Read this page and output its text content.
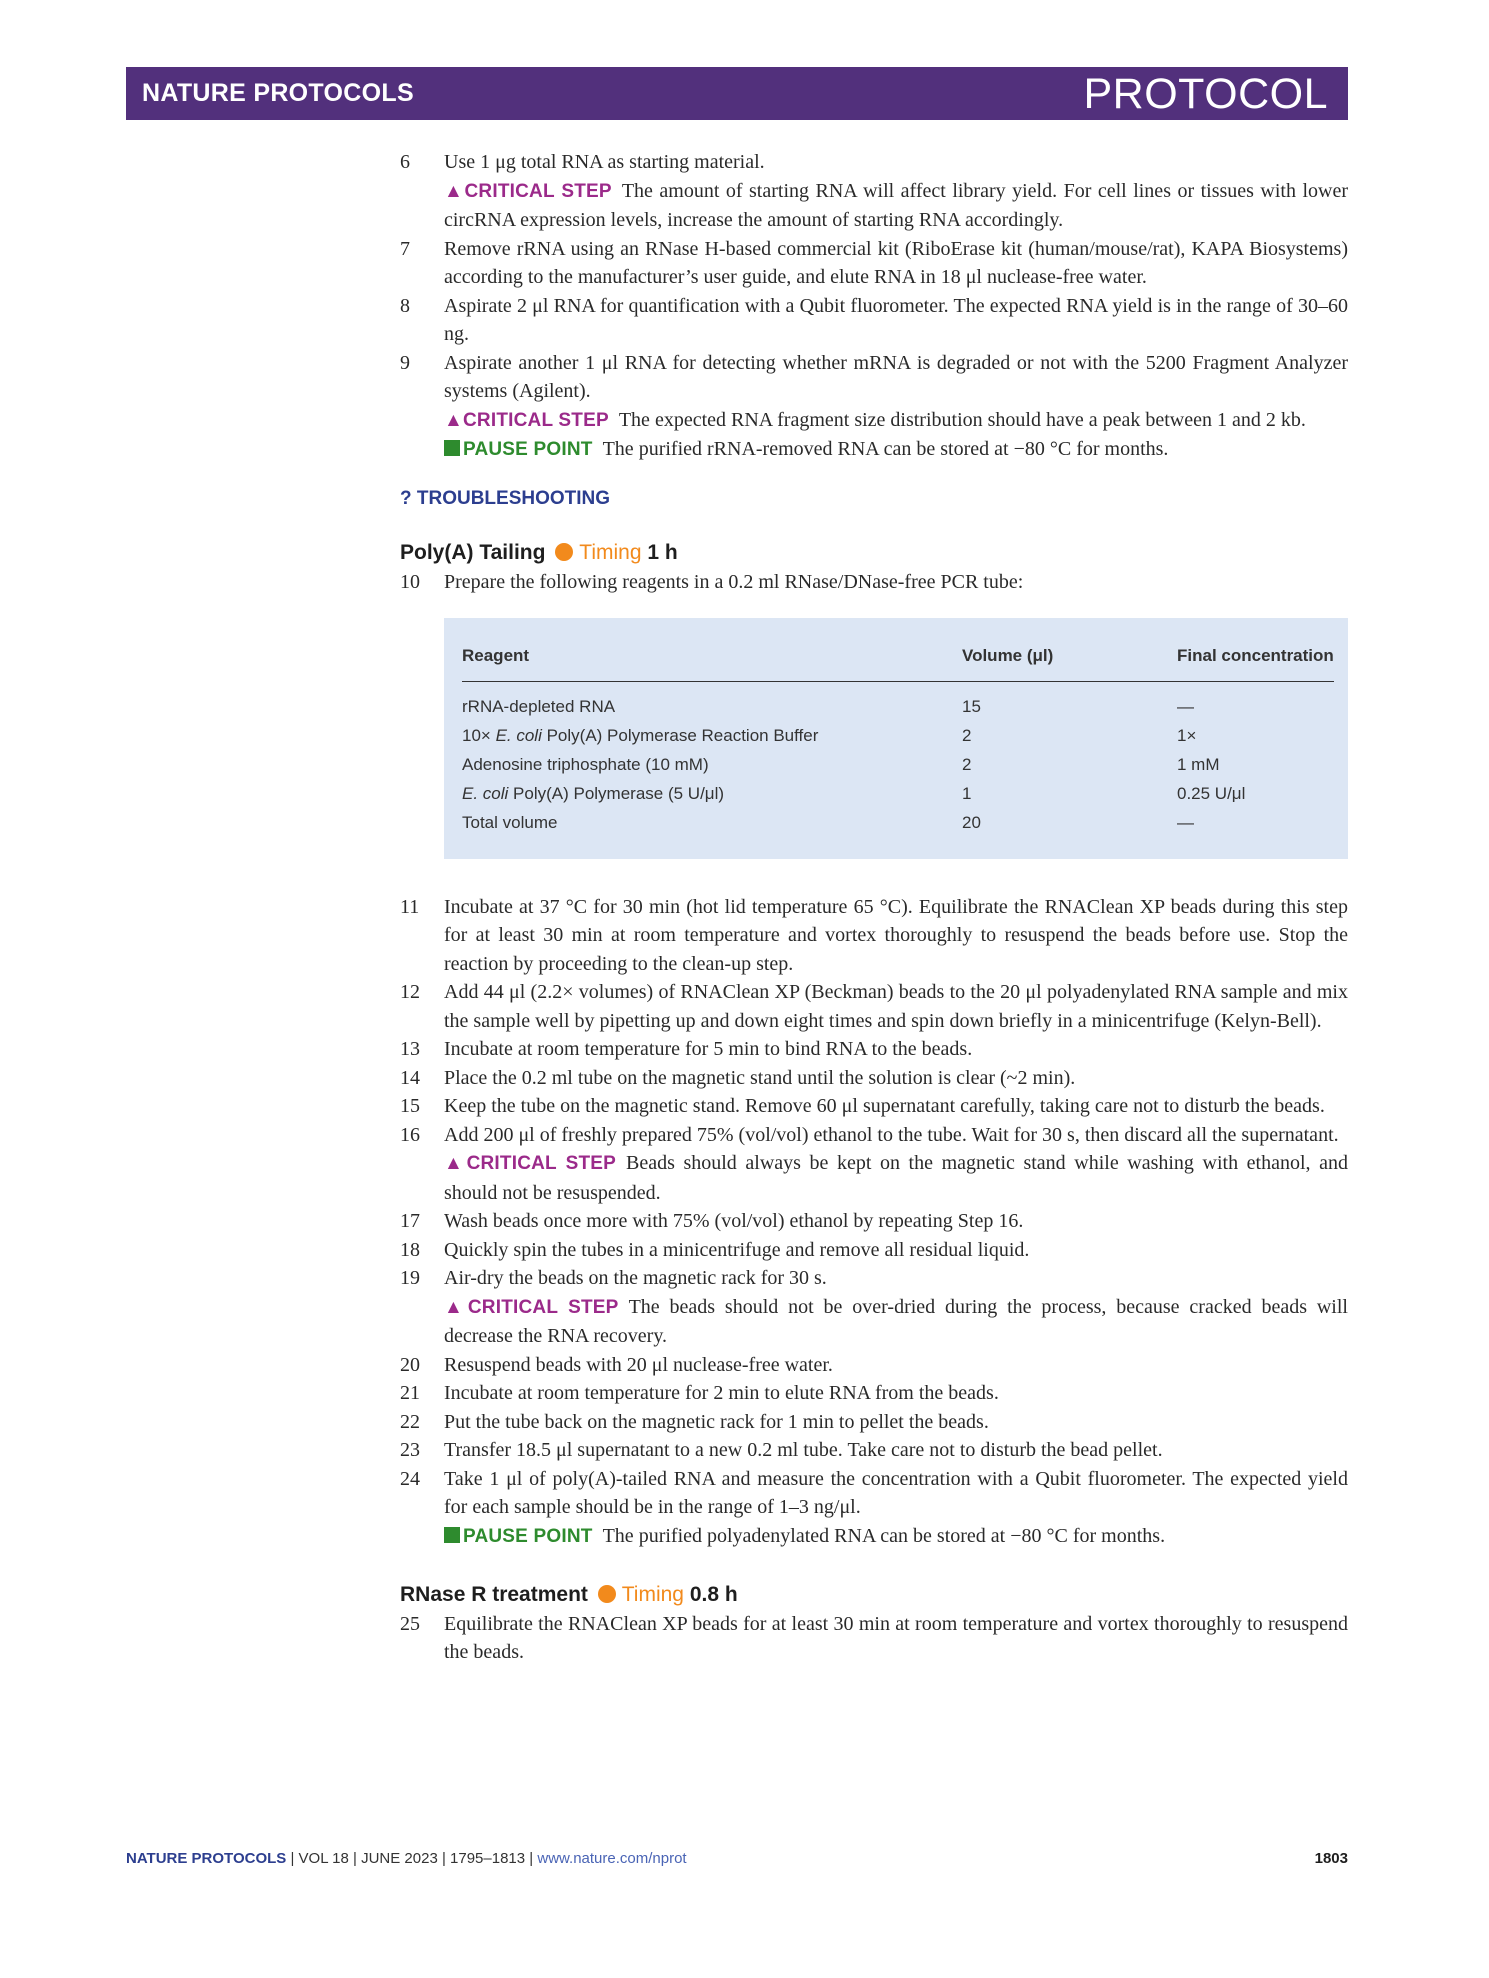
NATURE PROTOCOLS	PROTOCOL
6 Use 1 μg total RNA as starting material.
▲CRITICAL STEP The amount of starting RNA will affect library yield. For cell lines or tissues with lower circRNA expression levels, increase the amount of starting RNA accordingly.
7 Remove rRNA using an RNase H-based commercial kit (RiboErase kit (human/mouse/rat), KAPA Biosystems) according to the manufacturer’s user guide, and elute RNA in 18 μl nuclease-free water.
8 Aspirate 2 μl RNA for quantification with a Qubit fluorometer. The expected RNA yield is in the range of 30–60 ng.
9 Aspirate another 1 μl RNA for detecting whether mRNA is degraded or not with the 5200 Fragment Analyzer systems (Agilent).
▲CRITICAL STEP The expected RNA fragment size distribution should have a peak between 1 and 2 kb.
PAUSE POINT The purified rRNA-removed RNA can be stored at −80 °C for months.
? TROUBLESHOOTING
Poly(A) Tailing Timing 1 h
10 Prepare the following reagents in a 0.2 ml RNase/DNase-free PCR tube:
Reagent	Volume (μl)	Final concentration
rRNA-depleted RNA	15	—
10× E. coli Poly(A) Polymerase Reaction Buffer	2	1×
Adenosine triphosphate (10 mM)	2	1 mM
E. coli Poly(A) Polymerase (5 U/μl)	1	0.25 U/μl
Total volume	20	—
11 Incubate at 37 °C for 30 min (hot lid temperature 65 °C). Equilibrate the RNAClean XP beads during this step for at least 30 min at room temperature and vortex thoroughly to resuspend the beads before use. Stop the reaction by proceeding to the clean-up step.
12 Add 44 μl (2.2× volumes) of RNAClean XP (Beckman) beads to the 20 μl polyadenylated RNA sample and mix the sample well by pipetting up and down eight times and spin down briefly in a minicentrifuge (Kelyn-Bell).
13 Incubate at room temperature for 5 min to bind RNA to the beads.
14 Place the 0.2 ml tube on the magnetic stand until the solution is clear (~2 min).
15 Keep the tube on the magnetic stand. Remove 60 μl supernatant carefully, taking care not to disturb the beads.
16 Add 200 μl of freshly prepared 75% (vol/vol) ethanol to the tube. Wait for 30 s, then discard all the supernatant.
▲CRITICAL STEP Beads should always be kept on the magnetic stand while washing with ethanol, and should not be resuspended.
17 Wash beads once more with 75% (vol/vol) ethanol by repeating Step 16.
18 Quickly spin the tubes in a minicentrifuge and remove all residual liquid.
19 Air-dry the beads on the magnetic rack for 30 s.
▲CRITICAL STEP The beads should not be over-dried during the process, because cracked beads will decrease the RNA recovery.
20 Resuspend beads with 20 μl nuclease-free water.
21 Incubate at room temperature for 2 min to elute RNA from the beads.
22 Put the tube back on the magnetic rack for 1 min to pellet the beads.
23 Transfer 18.5 μl supernatant to a new 0.2 ml tube. Take care not to disturb the bead pellet.
24 Take 1 μl of poly(A)-tailed RNA and measure the concentration with a Qubit fluorometer. The expected yield for each sample should be in the range of 1–3 ng/μl.
PAUSE POINT The purified polyadenylated RNA can be stored at −80 °C for months.
RNase R treatment Timing 0.8 h
25 Equilibrate the RNAClean XP beads for at least 30 min at room temperature and vortex thoroughly to resuspend the beads.
NATURE PROTOCOLS | VOL 18 | JUNE 2023 | 1795–1813 | www.nature.com/nprot	1803
